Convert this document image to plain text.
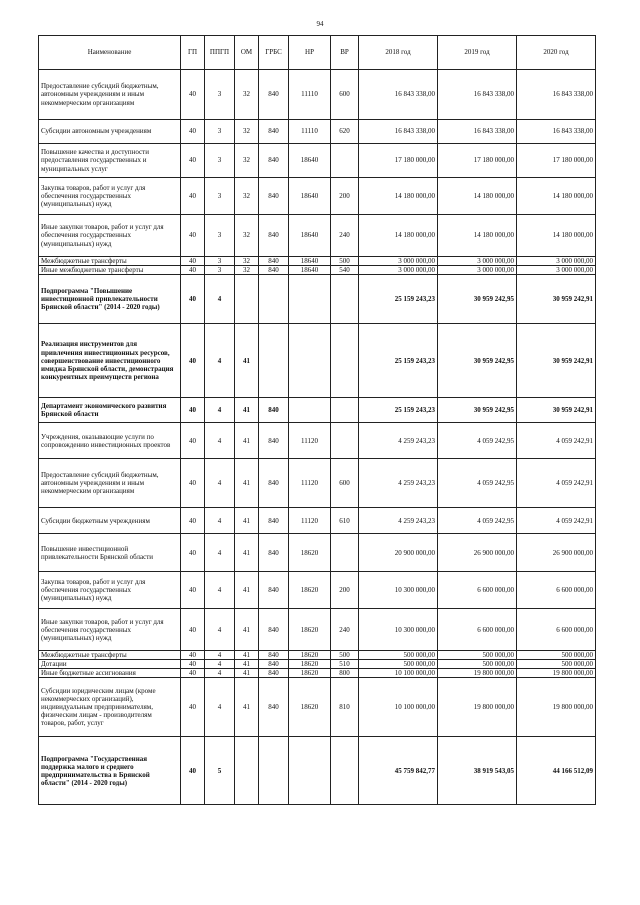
94
Наименование	ГП	ППГП	ОМ	ГРБС	НР	ВР	2018 год	2019 год	2020 год
Предоставление субсидий бюджетным, автономным учреждениям и иным некоммерческим организациям	40	3	32	840	11110	600	16 843 338,00	16 843 338,00	16 843 338,00
Субсидии автономным учреждениям	40	3	32	840	11110	620	16 843 338,00	16 843 338,00	16 843 338,00
Повышение качества и доступности предоставления государственных и муниципальных услуг	40	3	32	840	18640		17 180 000,00	17 180 000,00	17 180 000,00
Закупка товаров, работ и услуг для обеспечения государственных (муниципальных) нужд	40	3	32	840	18640	200	14 180 000,00	14 180 000,00	14 180 000,00
Иные закупки товаров, работ и услуг для обеспечения государственных (муниципальных) нужд	40	3	32	840	18640	240	14 180 000,00	14 180 000,00	14 180 000,00
Межбюджетные трансферты	40	3	32	840	18640	500	3 000 000,00	3 000 000,00	3 000 000,00
Иные межбюджетные трансферты	40	3	32	840	18640	540	3 000 000,00	3 000 000,00	3 000 000,00
Подпрограмма "Повышение инвестиционной привлекательности Брянской области" (2014 - 2020 годы)	40	4					25 159 243,23	30 959 242,95	30 959 242,91
Реализация инструментов для привлечения инвестиционных ресурсов, совершенствование инвестиционного имиджа Брянской области, демонстрация конкурентных преимуществ региона	40	4	41				25 159 243,23	30 959 242,95	30 959 242,91
Департамент экономического развития Брянской области	40	4	41	840			25 159 243,23	30 959 242,95	30 959 242,91
Учреждения, оказывающие услуги по сопровождению инвестиционных проектов	40	4	41	840	11120		4 259 243,23	4 059 242,95	4 059 242,91
Предоставление субсидий бюджетным, автономным учреждениям и иным некоммерческим организациям	40	4	41	840	11120	600	4 259 243,23	4 059 242,95	4 059 242,91
Субсидии бюджетным учреждениям	40	4	41	840	11120	610	4 259 243,23	4 059 242,95	4 059 242,91
Повышение инвестиционной привлекательности Брянской области	40	4	41	840	18620		20 900 000,00	26 900 000,00	26 900 000,00
Закупка товаров, работ и услуг для обеспечения государственных (муниципальных) нужд	40	4	41	840	18620	200	10 300 000,00	6 600 000,00	6 600 000,00
Иные закупки товаров, работ и услуг для обеспечения государственных (муниципальных) нужд	40	4	41	840	18620	240	10 300 000,00	6 600 000,00	6 600 000,00
Межбюджетные трансферты	40	4	41	840	18620	500	500 000,00	500 000,00	500 000,00
Дотации	40	4	41	840	18620	510	500 000,00	500 000,00	500 000,00
Иные бюджетные ассигнования	40	4	41	840	18620	800	10 100 000,00	19 800 000,00	19 800 000,00
Субсидии юридическим лицам (кроме некоммерческих организаций), индивидуальным предпринимателям, физическим лицам - производителям товаров, работ, услуг	40	4	41	840	18620	810	10 100 000,00	19 800 000,00	19 800 000,00
Подпрограмма "Государственная поддержка малого и среднего предпринимательства в Брянской области" (2014 - 2020 годы)	40	5					45 759 842,77	38 919 543,05	44 166 512,09
